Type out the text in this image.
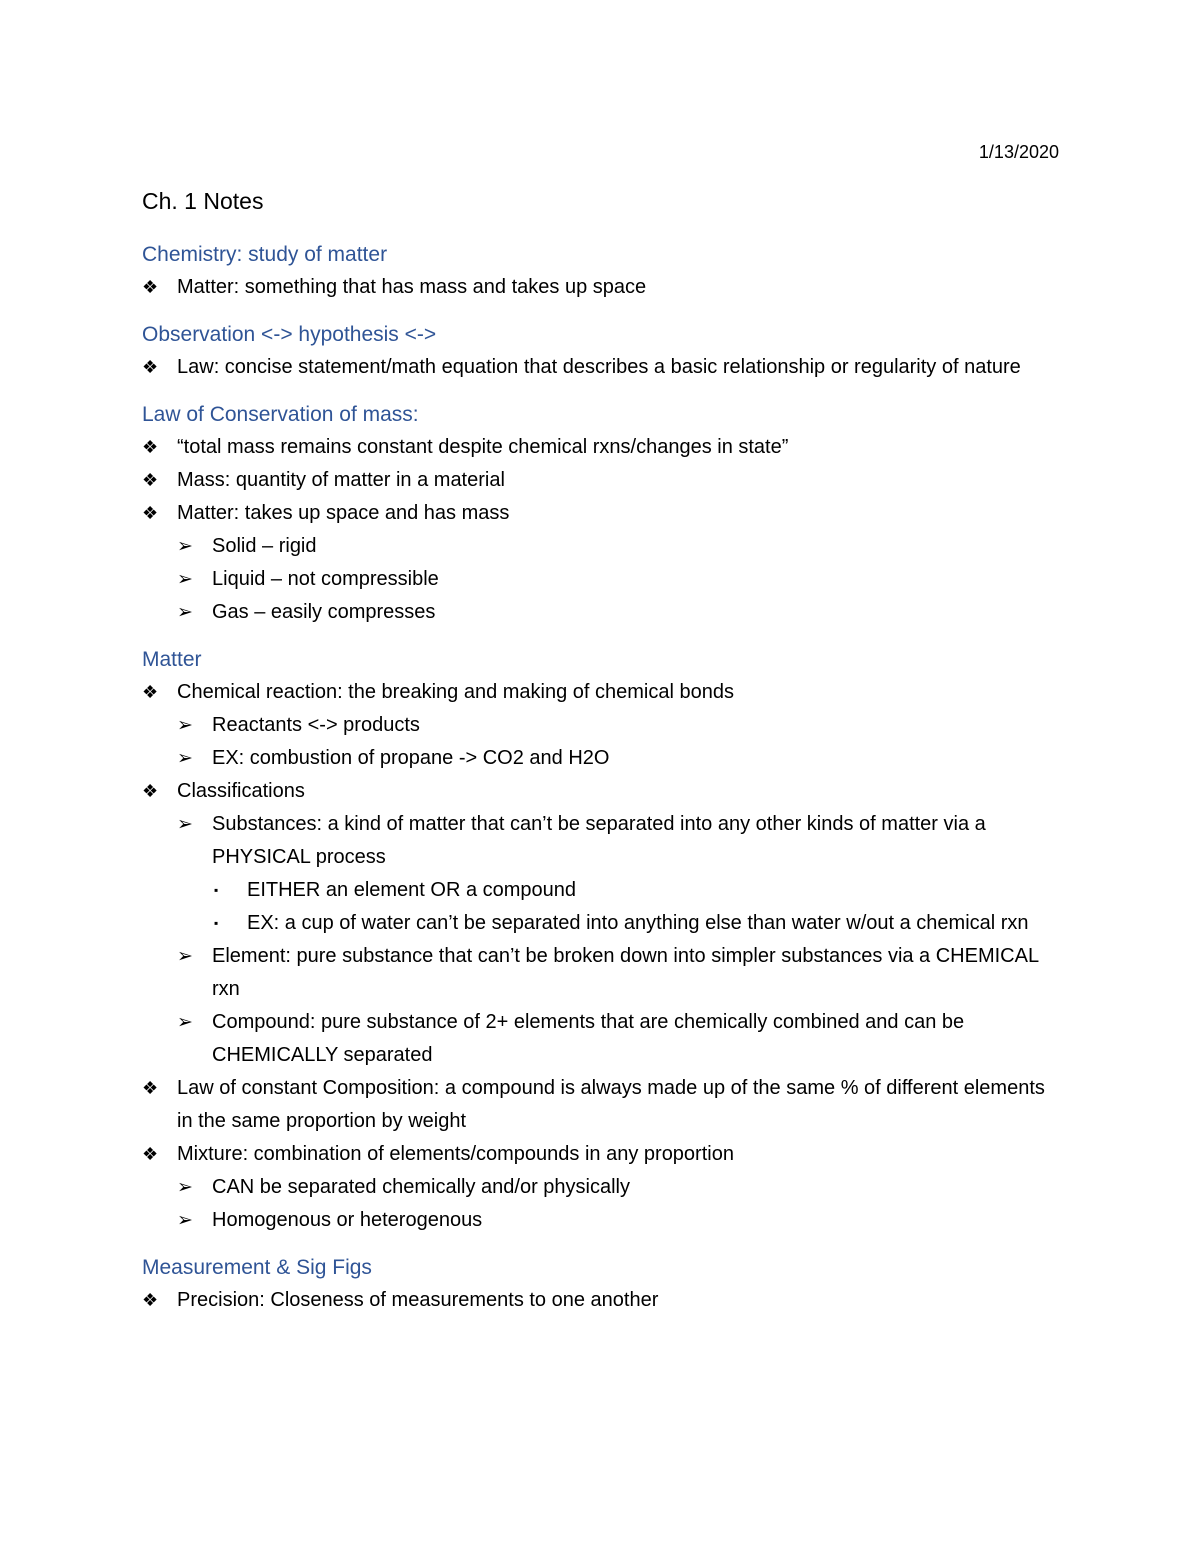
1/13/2020
Ch. 1 Notes
Chemistry: study of matter
❖ Matter: something that has mass and takes up space
Observation <-> hypothesis <->
❖ Law: concise statement/math equation that describes a basic relationship or regularity of nature
Law of Conservation of mass:
❖ “total mass remains constant despite chemical rxns/changes in state”
❖ Mass: quantity of matter in a material
❖ Matter: takes up space and has mass
➢ Solid – rigid
➢ Liquid – not compressible
➢ Gas – easily compresses
Matter
❖ Chemical reaction: the breaking and making of chemical bonds
➢ Reactants <-> products
➢ EX: combustion of propane -> CO2 and H2O
❖ Classifications
➢ Substances: a kind of matter that can’t be separated into any other kinds of matter via a PHYSICAL process
▪	EITHER an element OR a compound
▪	EX: a cup of water can’t be separated into anything else than water w/out a chemical rxn
➢ Element: pure substance that can’t be broken down into simpler substances via a CHEMICAL rxn
➢ Compound: pure substance of 2+ elements that are chemically combined and can be CHEMICALLY separated
❖ Law of constant Composition: a compound is always made up of the same % of different elements in the same proportion by weight
❖ Mixture: combination of elements/compounds in any proportion
➢ CAN be separated chemically and/or physically
➢ Homogenous or heterogenous
Measurement & Sig Figs
❖ Precision: Closeness of measurements to one another
